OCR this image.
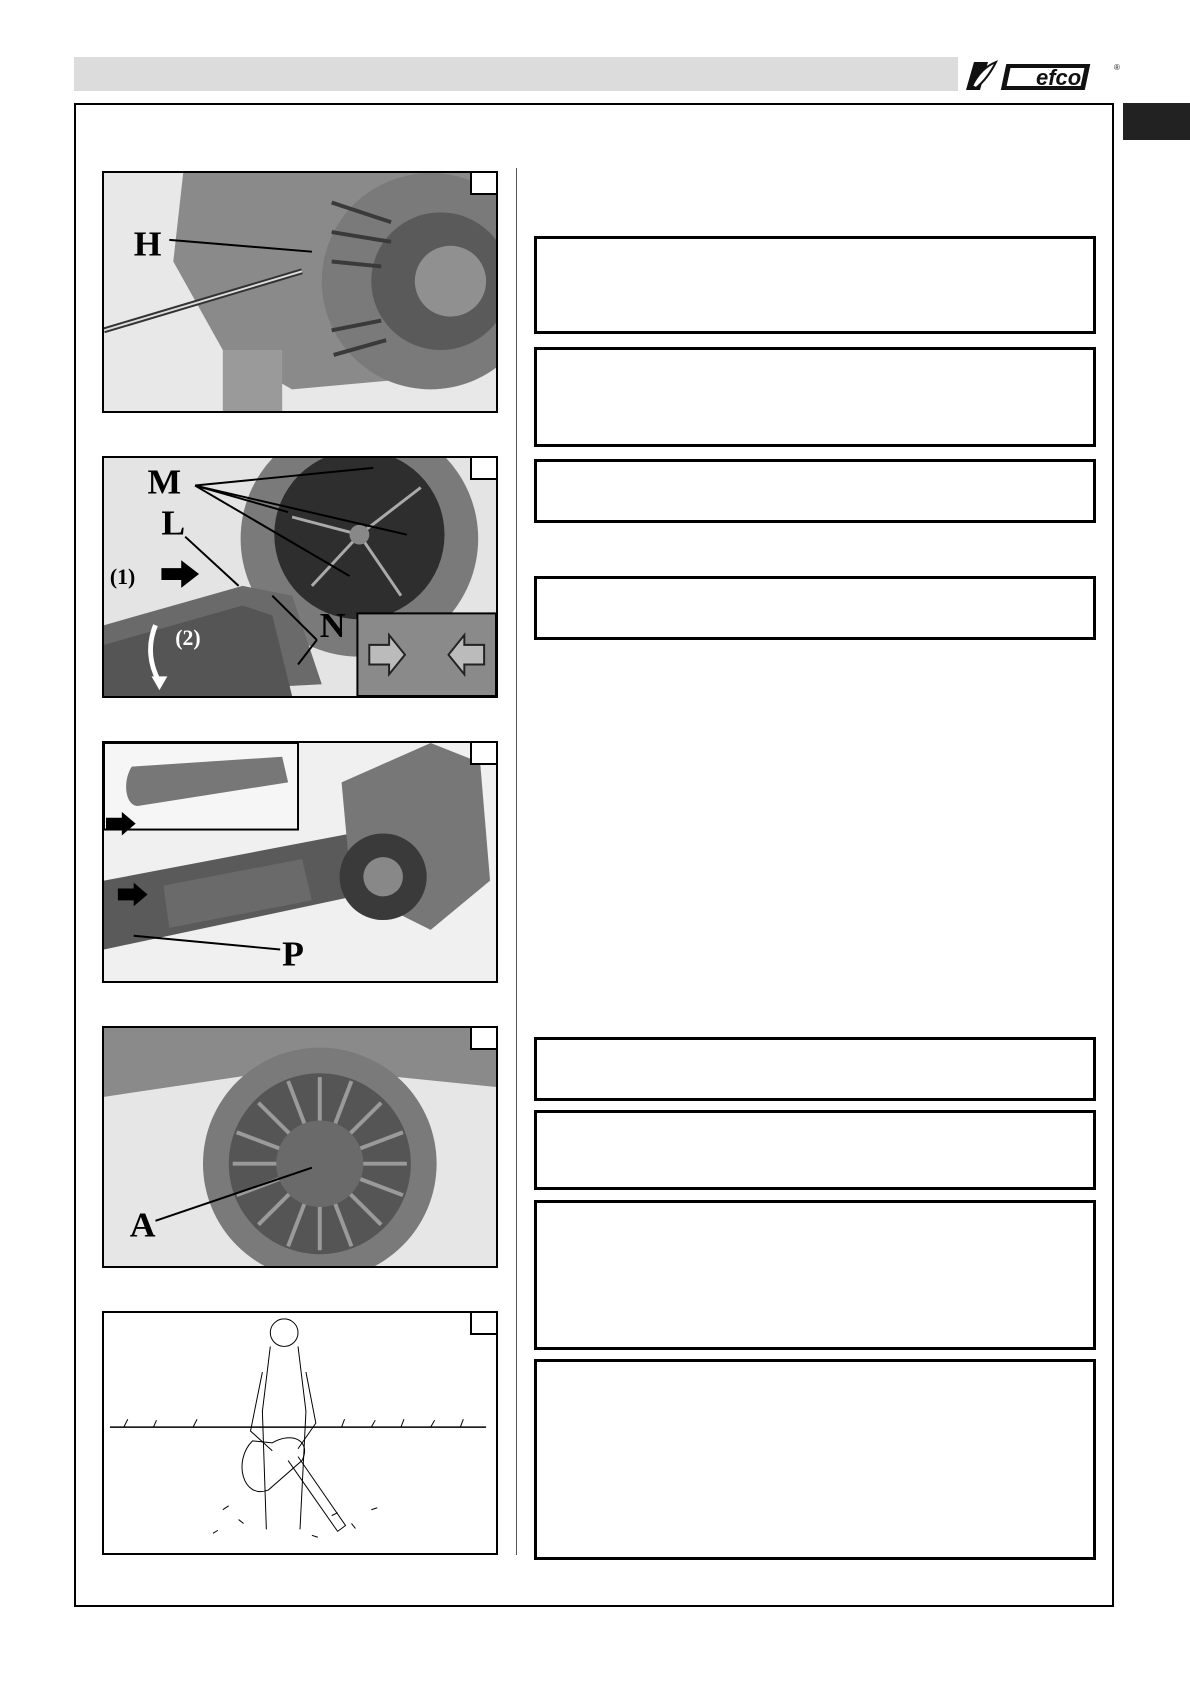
efco	®
H
M
L
N
(1)
(2)
P
A
